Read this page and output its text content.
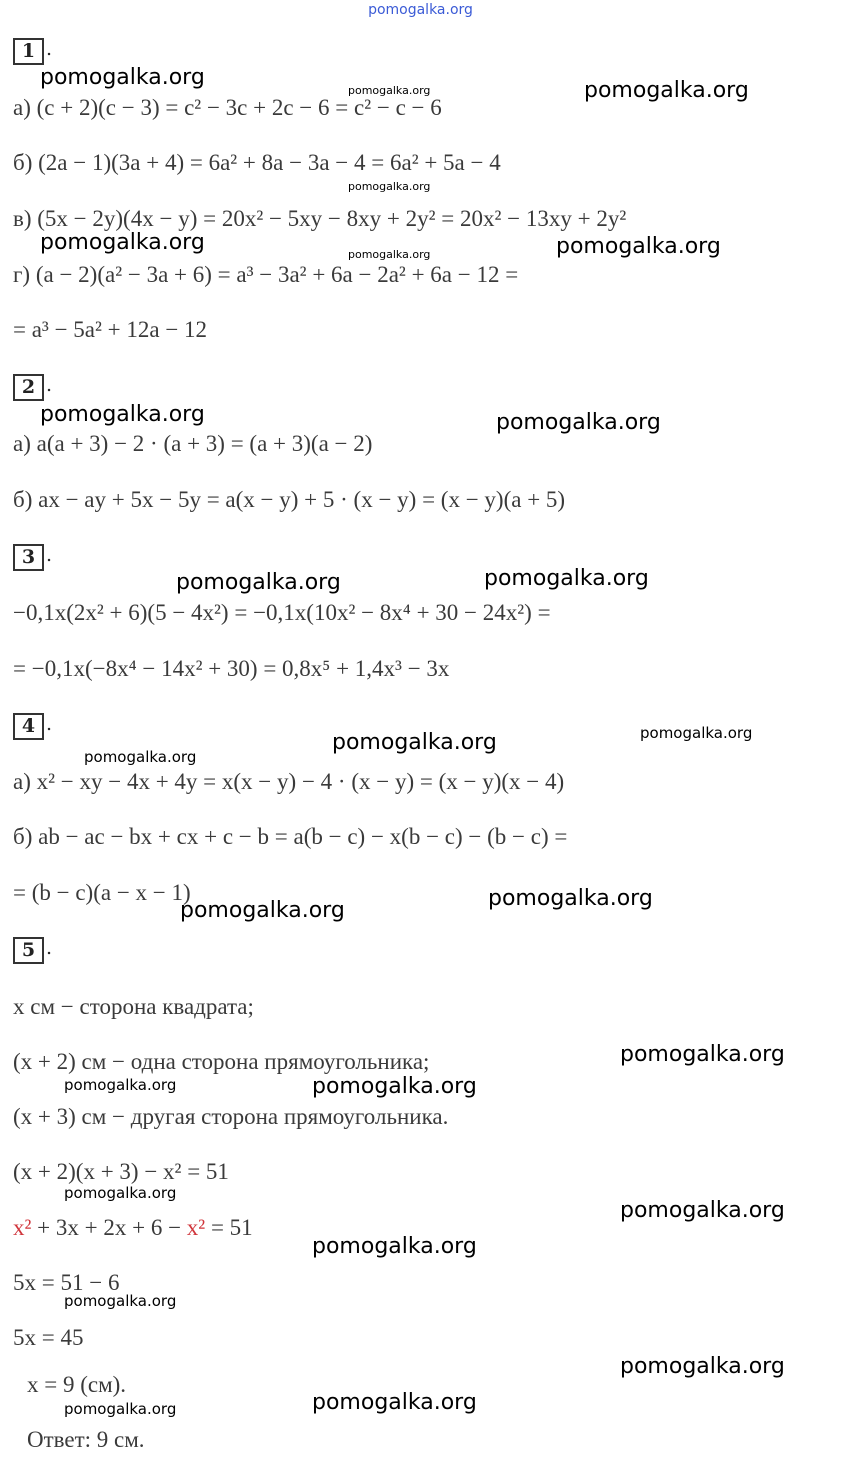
pomogalka.org
1 .
а) (c + 2)(c − 3) = c² − 3c + 2c − 6 = c² − c − 6
б) (2a − 1)(3a + 4) = 6a² + 8a − 3a − 4 = 6a² + 5a − 4
в) (5x − 2y)(4x − y) = 20x² − 5xy − 8xy + 2y² = 20x² − 13xy + 2y²
г) (a − 2)(a² − 3a + 6) = a³ − 3a² + 6a − 2a² + 6a − 12 =
= a³ − 5a² + 12a − 12
2 .
а) a(a + 3) − 2 · (a + 3) = (a + 3)(a − 2)
б) ax − ay + 5x − 5y = a(x − y) + 5 · (x − y) = (x − y)(a + 5)
3 .
−0,1x(2x² + 6)(5 − 4x²) = −0,1x(10x² − 8x⁴ + 30 − 24x²) =
= −0,1x(−8x⁴ − 14x² + 30) = 0,8x⁵ + 1,4x³ − 3x
4 .
а) x² − xy − 4x + 4y = x(x − y) − 4 · (x − y) = (x − y)(x − 4)
б) ab − ac − bx + cx + c − b = a(b − c) − x(b − c) − (b − c) =
= (b − c)(a − x − 1)
5 .
x см − сторона квадрата;
(x + 2) см − одна сторона прямоугольника;
(x + 3) см − другая сторона прямоугольника.
(x + 2)(x + 3) − x² = 51
x² + 3x + 2x + 6 − x² = 51
5x = 51 − 6
5x = 45
x = 9 (см).
Ответ: 9 см.
pomogalka.org
pomogalka.org	pomogalka.org
pomogalka.org
pomogalka.org	pomogalka.org	pomogalka.org
pomogalka.org	pomogalka.org
pomogalka.org	pomogalka.org
pomogalka.org
pomogalka.org	pomogalka.org
pomogalka.org	pomogalka.org
pomogalka.org
pomogalka.org	pomogalka.org
pomogalka.org
pomogalka.org
pomogalka.org
pomogalka.org
pomogalka.org
pomogalka.org	pomogalka.org
